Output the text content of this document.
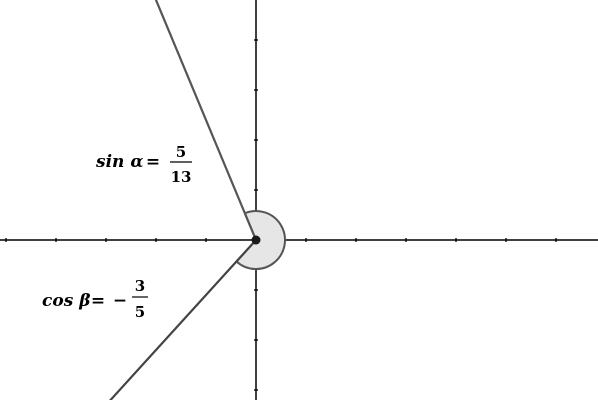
sin α = 5
13
cos β = −
3
5
